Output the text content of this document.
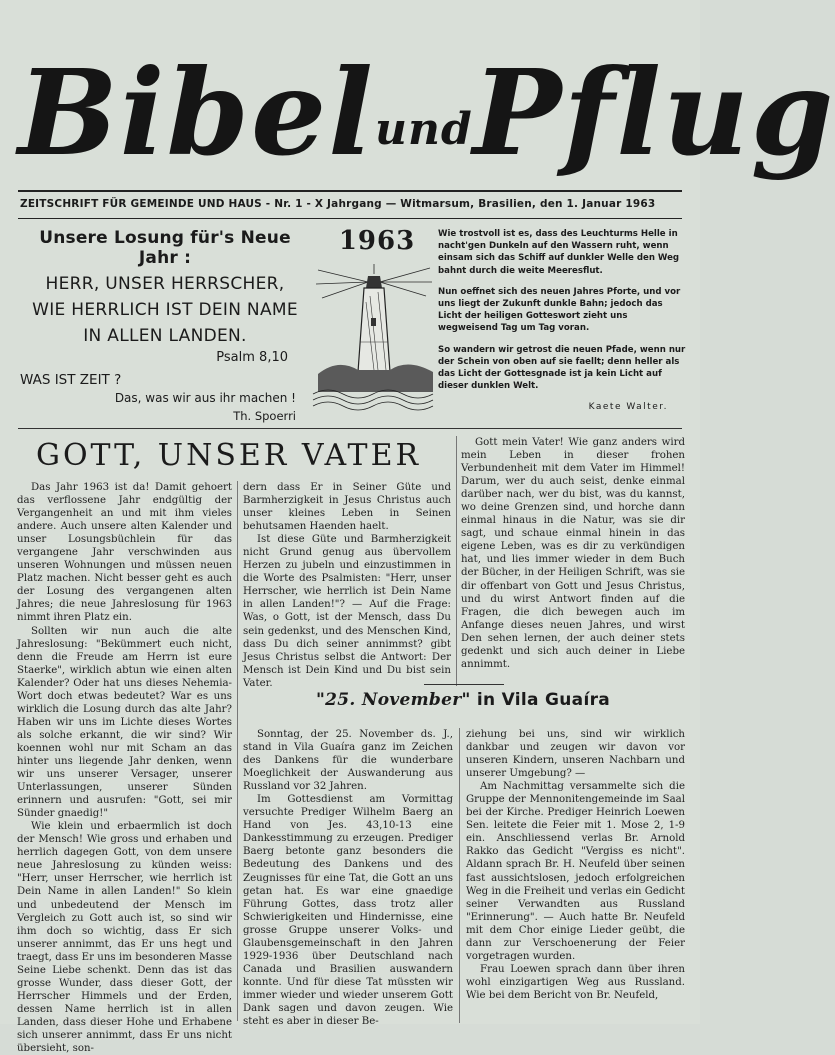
BibelundPflug
ZEITSCHRIFT FÜR GEMEINDE UND HAUS - Nr. 1 - X Jahrgang — Witmarsum, Brasilien, den 1. Januar 1963
Unsere Losung für's Neue Jahr :
HERR, UNSER HERRSCHER,
WIE HERRLICH IST DEIN NAME
IN ALLEN LANDEN.
Psalm 8,10
WAS IST ZEIT ?
Das, was wir aus ihr machen !
Th. Spoerri
1963	Wie trostvoll ist es, dass des Leuchturms Helle in nacht'gen Dunkeln auf den Wassern ruht, wenn einsam sich das Schiff auf dunkler Welle den Weg bahnt durch die weite Meeresflut.

Nun oeffnet sich des neuen Jahres Pforte, und vor uns liegt der Zukunft dunkle Bahn; jedoch das Licht der heiligen Gotteswort zieht uns wegweisend Tag um Tag voran.

So wandern wir getrost die neuen Pfade, wenn nur der Schein von oben auf sie faellt; denn heller als das Licht der Gottesgnade ist ja kein Licht auf dieser dunklen Welt.

Kaete Walter.
GOTT, UNSER VATER

Das Jahr 1963 ist da! Damit gehoert das verflossene Jahr endgültig der Vergangenheit an und mit ihm vieles andere. Auch unsere alten Kalender und unser Losungsbüchlein für das vergangene Jahr verschwinden aus unseren Wohnungen und müssen neuen Platz machen. Nicht besser geht es auch der Losung des vergangenen alten Jahres; die neue Jahreslosung für 1963 nimmt ihren Platz ein.

Sollten wir nun auch die alte Jahreslosung: "Bekümmert euch nicht, denn die Freude am Herrn ist eure Staerke", wirklich abtun wie einen alten Kalender? Oder hat uns dieses Nehemia-Wort doch etwas bedeutet? War es uns wirklich die Losung durch das alte Jahr? Haben wir uns im Lichte dieses Wortes als solche erkannt, die wir sind? Wir koennen wohl nur mit Scham an das hinter uns liegende Jahr denken, wenn wir uns unserer Versager, unserer Unterlassungen, unserer Sünden erinnern und ausrufen: "Gott, sei mir Sünder gnaedig!"

Wie klein und erbaermlich ist doch der Mensch! Wie gross und erhaben und herrlich dagegen Gott, von dem unsere neue Jahreslosung zu künden weiss: "Herr, unser Herrscher, wie herrlich ist Dein Name in allen Landen!" So klein und unbedeutend der Mensch im Vergleich zu Gott auch ist, so sind wir ihm doch so wichtig, dass Er sich unserer annimmt, das Er uns hegt und traegt, dass Er uns im besonderen Masse Seine Liebe schenkt. Denn das ist das grosse Wunder, dass dieser Gott, der Herrscher Himmels und der Erden, dessen Name herrlich ist in allen Landen, dass dieser Hohe und Erhabene sich unserer annimmt, dass Er uns nicht übersieht, son-

dern dass Er in Seiner Güte und Barmherzigkeit in Jesus Christus auch unser kleines Leben in Seinen behutsamen Haenden haelt.

Ist diese Güte und Barmherzigkeit nicht Grund genug aus übervollem Herzen zu jubeln und einzustimmen in die Worte des Psalmisten: "Herr, unser Herrscher, wie herrlich ist Dein Name in allen Landen!"? — Auf die Frage: Was, o Gott, ist der Mensch, dass Du sein gedenkst, und des Menschen Kind, dass Du dich seiner annimmst? gibt Jesus Christus selbst die Antwort: Der Mensch ist Dein Kind und Du bist sein Vater.

Gott mein Vater! Wie ganz anders wird mein Leben in dieser frohen Verbundenheit mit dem Vater im Himmel! Darum, wer du auch seist, denke einmal darüber nach, wer du bist, was du kannst, wo deine Grenzen sind, und horche dann einmal hinaus in die Natur, was sie dir sagt, und schaue einmal hinein in das eigene Leben, was es dir zu verkündigen hat, und lies immer wieder in dem Buch der Bücher, in der Heiligen Schrift, was sie dir offenbart von Gott und Jesus Christus, und du wirst Antwort finden auf die Fragen, die dich bewegen auch im Anfange dieses neuen Jahres, und wirst Den sehen lernen, der auch deiner stets gedenkt und sich auch deiner in Liebe annimmt.

"25. November" in Vila Guaíra

Sonntag, der 25. November ds. J., stand in Vila Guaíra ganz im Zeichen des Dankens für die wunderbare Moeglichkeit der Auswanderung aus Russland vor 32 Jahren.

Im Gottesdienst am Vormittag versuchte Prediger Wilhelm Baerg an Hand von Jes. 43,10-13 eine Dankesstimmung zu erzeugen. Prediger Baerg betonte ganz besonders die Bedeutung des Dankens und des Zeugnisses für eine Tat, die Gott an uns getan hat. Es war eine gnaedige Führung Gottes, dass trotz aller Schwierigkeiten und Hindernisse, eine grosse Gruppe unserer Volks- und Glaubensgemeinschaft in den Jahren 1929-1936 über Deutschland nach Canada und Brasilien auswandern konnte. Und für diese Tat müssten wir immer wieder und wieder unserem Gott Dank sagen und davon zeugen. Wie steht es aber in dieser Be-

ziehung bei uns, sind wir wirklich dankbar und zeugen wir davon vor unseren Kindern, unseren Nachbarn und unserer Umgebung? —

Am Nachmittag versammelte sich die Gruppe der Mennonitengemeinde im Saal bei der Kirche. Prediger Heinrich Loewen Sen. leitete die Feier mit 1. Mose 2, 1-9 ein. Anschliessend verlas Br. Arnold Rakko das Gedicht "Vergiss es nicht". Aldann sprach Br. H. Neufeld über seinen fast aussichtslosen, jedoch erfolgreichen Weg in die Freiheit und verlas ein Gedicht seiner Verwandten aus Russland "Erinnerung". — Auch hatte Br. Neufeld mit dem Chor einige Lieder geübt, die dann zur Verschoenerung der Feier vorgetragen wurden.

Frau Loewen sprach dann über ihren wohl einzigartigen Weg aus Russland. Wie bei dem Bericht von Br. Neufeld,
